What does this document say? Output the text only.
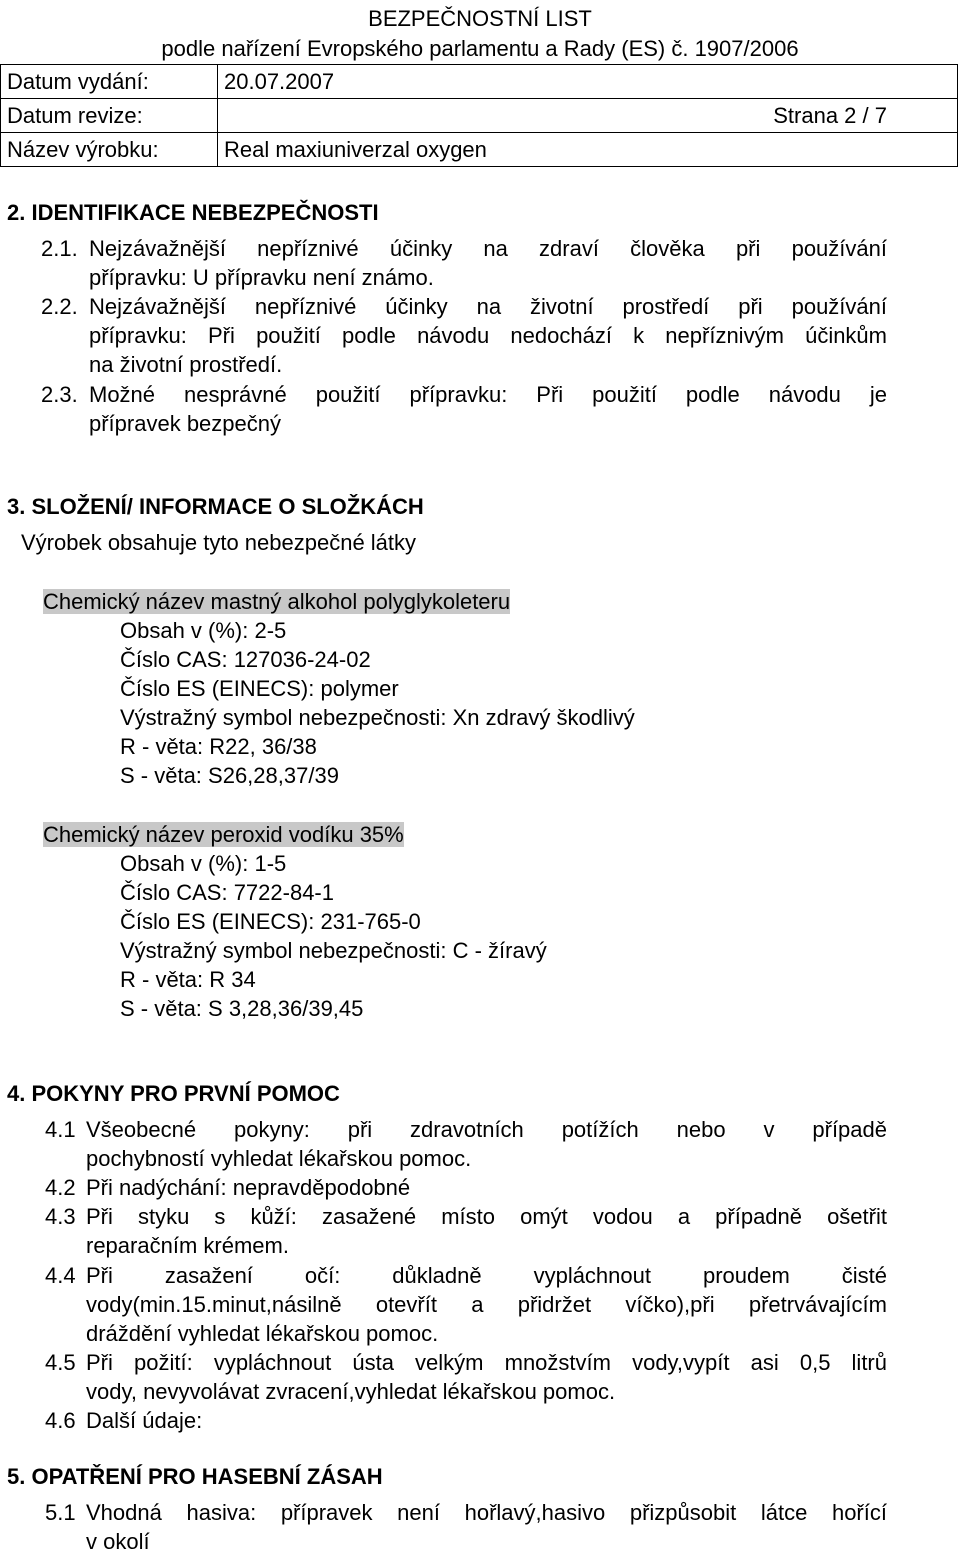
BEZPEČNOSTNÍ LIST
podle nařízení Evropského parlamentu a Rady (ES) č. 1907/2006
Datum vydání:	20.07.2007	
Datum revize:		Strana 2 / 7
Název výrobku:	Real maxiuniverzal oxygen	
2. IDENTIFIKACE NEBEZPEČNOSTI
2.1. Nejzávažnější nepříznivé účinky na zdraví člověka při používání
přípravku: U přípravku není známo.
2.2. Nejzávažnější nepříznivé účinky na životní prostředí při používání
přípravku: Při použití podle návodu nedochází k nepříznivým účinkům
na životní prostředí.
2.3. Možné nesprávné použití přípravku: Při použití podle návodu je
přípravek bezpečný
3. SLOŽENÍ/ INFORMACE O SLOŽKÁCH
Výrobek obsahuje tyto nebezpečné látky
Chemický název mastný alkohol polyglykoleteru
Obsah v (%): 2-5
Číslo CAS: 127036-24-02
Číslo ES (EINECS): polymer
Výstražný symbol nebezpečnosti: Xn zdravý škodlivý
R - věta: R22, 36/38
S - věta: S26,28,37/39
Chemický název peroxid vodíku 35%
Obsah v (%): 1-5
Číslo CAS: 7722-84-1
Číslo ES (EINECS): 231-765-0
Výstražný symbol nebezpečnosti: C - žíravý
R - věta: R 34
S - věta: S 3,28,36/39,45
4. POKYNY PRO PRVNÍ POMOC
4.1 Všeobecné pokyny: při zdravotních potížích nebo v případě
pochybností vyhledat lékařskou pomoc.
4.2 Při nadýchání: nepravděpodobné
4.3 Při styku s kůží: zasažené místo omýt vodou a případně ošetřit
reparačním krémem.
4.4 Při zasažení očí: důkladně vypláchnout proudem čisté
vody(min.15.minut,násilně otevřít a přidržet víčko),při přetrvávajícím
dráždění vyhledat lékařskou pomoc.
4.5 Při požití: vypláchnout ústa velkým množstvím vody,vypít asi 0,5 litrů
vody, nevyvolávat zvracení,vyhledat lékařskou pomoc.
4.6 Další údaje:
5. OPATŘENÍ PRO HASEBNÍ ZÁSAH
5.1 Vhodná hasiva: přípravek není hořlavý,hasivo přizpůsobit látce hořící
v okolí
